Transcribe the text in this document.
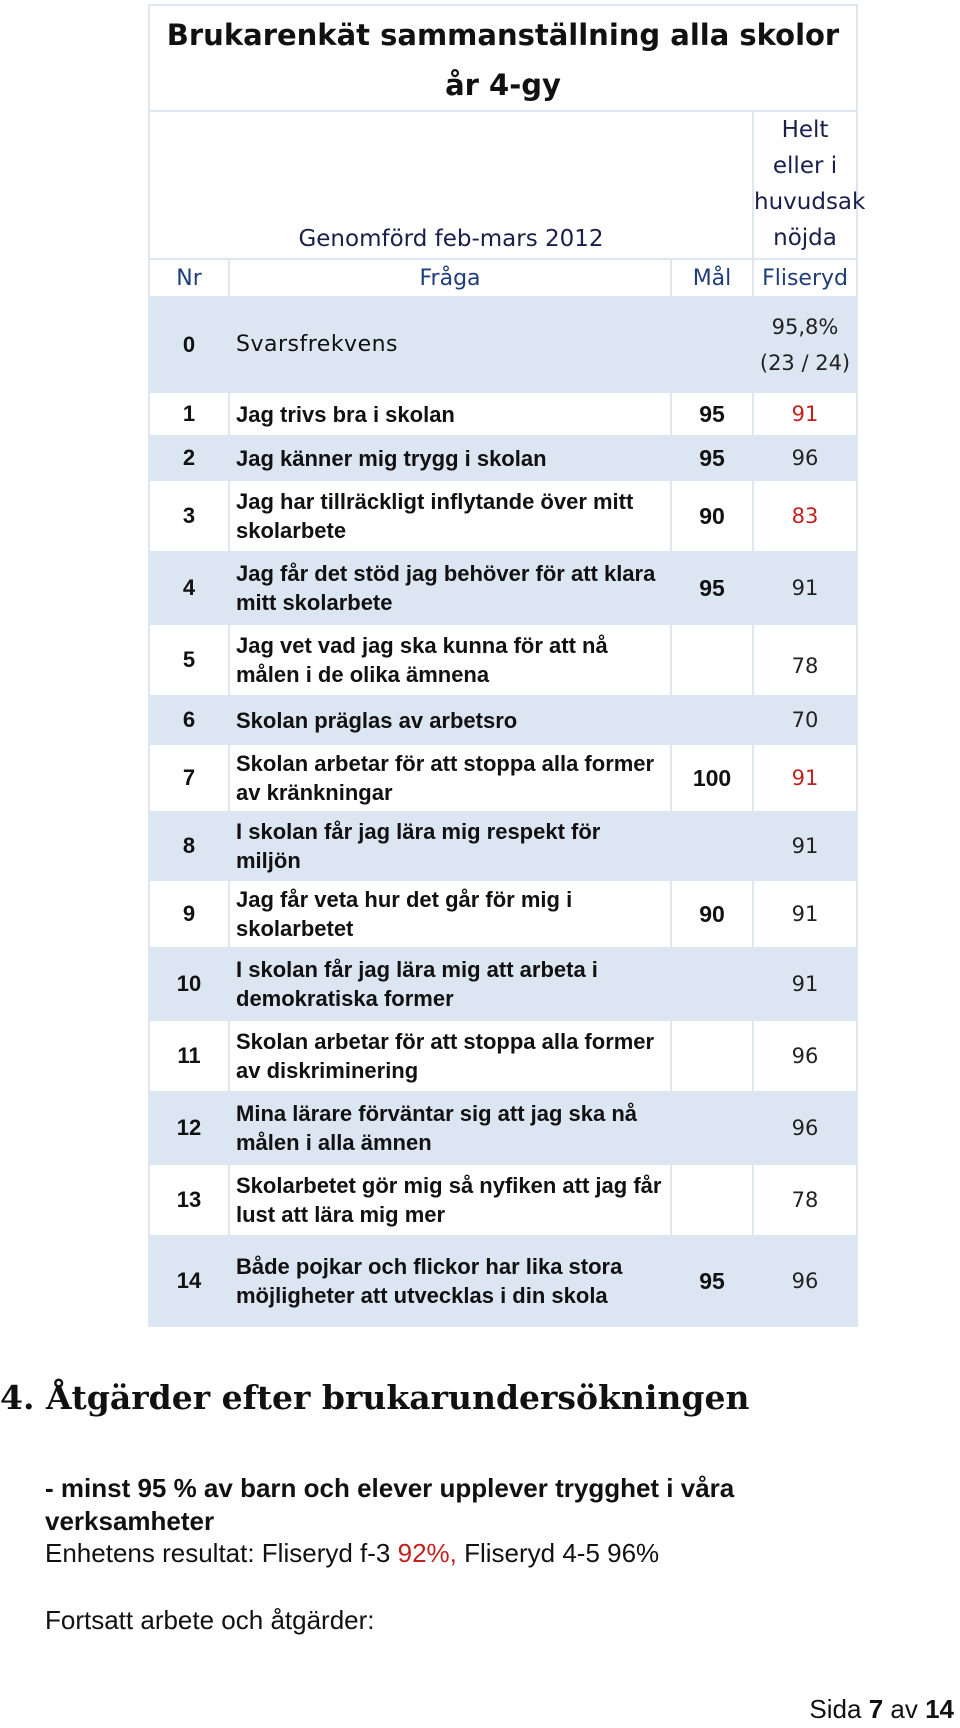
Brukarenkät sammanställning alla skolor år 4-gy			
Genomförd feb-mars 2012			Helt eller i huvudsak nöjda
Nr	Fråga	Mål	Fliseryd
0	Svarsfrekvens		95,8% (23 / 24)
1	Jag trivs bra i skolan	95	91
2	Jag känner mig trygg i skolan	95	96
3	Jag har tillräckligt inflytande över mitt skolarbete	90	83
4	Jag får det stöd jag behöver för att klara mitt skolarbete	95	91
5	Jag vet vad jag ska kunna för att nå målen i de olika ämnena		78
6	Skolan präglas av arbetsro		70
7	Skolan arbetar för att stoppa alla former av kränkningar	100	91
8	I skolan får jag lära mig respekt för miljön		91
9	Jag får veta hur det går för mig i skolarbetet	90	91
10	I skolan får jag lära mig att arbeta i demokratiska former		91
11	Skolan arbetar för att stoppa alla former av diskriminering		96
12	Mina lärare förväntar sig att jag ska nå målen i alla ämnen		96
13	Skolarbetet gör mig så nyfiken att jag får lust att lära mig mer		78
14	Både pojkar och flickor har lika stora möjligheter att utvecklas i din skola	95	96
4. Åtgärder efter brukarundersökningen

- minst 95 % av barn och elever upplever trygghet i våra verksamheter

Enhetens resultat: Fliseryd f-3 92%, Fliseryd 4-5 96%

Fortsatt arbete och åtgärder:

Sida 7 av 14
